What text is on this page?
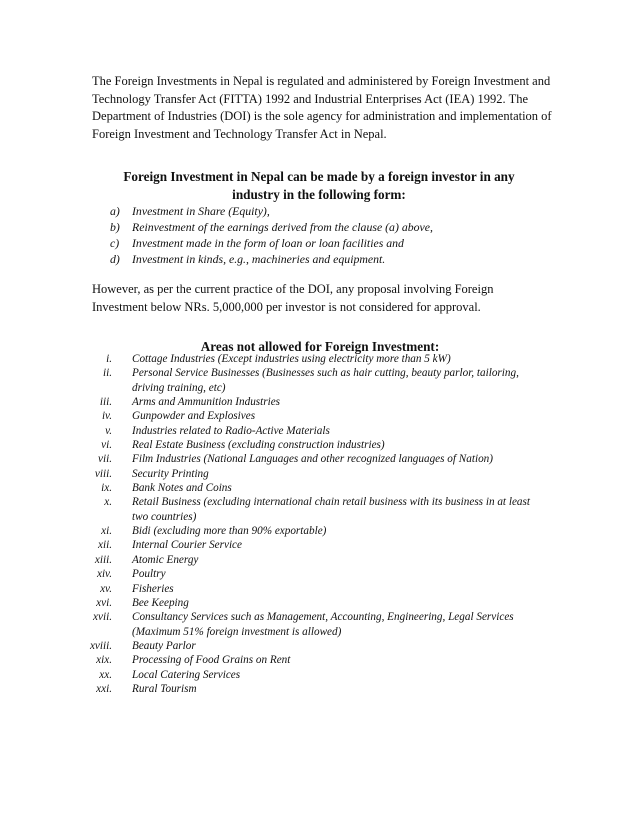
The Foreign Investments in Nepal is regulated and administered by Foreign Investment and Technology Transfer Act (FITTA) 1992 and Industrial Enterprises Act (IEA) 1992. The Department of Industries (DOI) is the sole agency for administration and implementation of Foreign Investment and Technology Transfer Act in Nepal.

Foreign Investment in Nepal can be made by a foreign investor in any
industry in the following form:

a) Investment in Share (Equity),
b) Reinvestment of the earnings derived from the clause (a) above,
c) Investment made in the form of loan or loan facilities and
d) Investment in kinds, e.g., machineries and equipment.

However, as per the current practice of the DOI, any proposal involving Foreign Investment below NRs. 5,000,000 per investor is not considered for approval.

Areas not allowed for Foreign Investment:

i. Cottage Industries (Except industries using electricity more than 5 kW)
ii. Personal Service Businesses (Businesses such as hair cutting, beauty parlor, tailoring, driving training, etc)
iii. Arms and Ammunition Industries
iv. Gunpowder and Explosives
v. Industries related to Radio-Active Materials
vi. Real Estate Business (excluding construction industries)
vii. Film Industries (National Languages and other recognized languages of Nation)
viii. Security Printing
ix. Bank Notes and Coins
x. Retail Business (excluding international chain retail business with its business in at least two countries)
xi. Bidi (excluding more than 90% exportable)
xii. Internal Courier Service
xiii. Atomic Energy
xiv. Poultry
xv. Fisheries
xvi. Bee Keeping
xvii. Consultancy Services such as Management, Accounting, Engineering, Legal Services (Maximum 51% foreign investment is allowed)
xviii. Beauty Parlor
xix. Processing of Food Grains on Rent
xx. Local Catering Services
xxi. Rural Tourism
